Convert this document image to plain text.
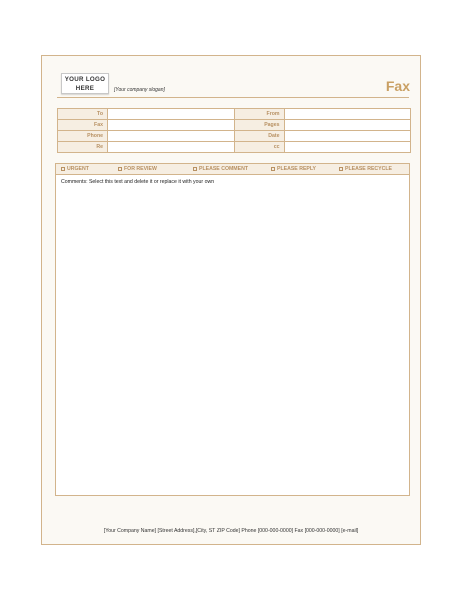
YOUR LOGO
HERE	[Your company slogan]	Fax
To		From	
Fax		Pages	
Phone		Date	
Re		cc	
URGENT	FOR REVIEW	PLEASE COMMENT	PLEASE REPLY	PLEASE RECYCLE
Comments: Select this text and delete it or replace it with your own
[Your Company Name] [Street Address],[City, ST ZIP Code] Phone [000-000-0000] Fax [000-000-0000] [e-mail]
